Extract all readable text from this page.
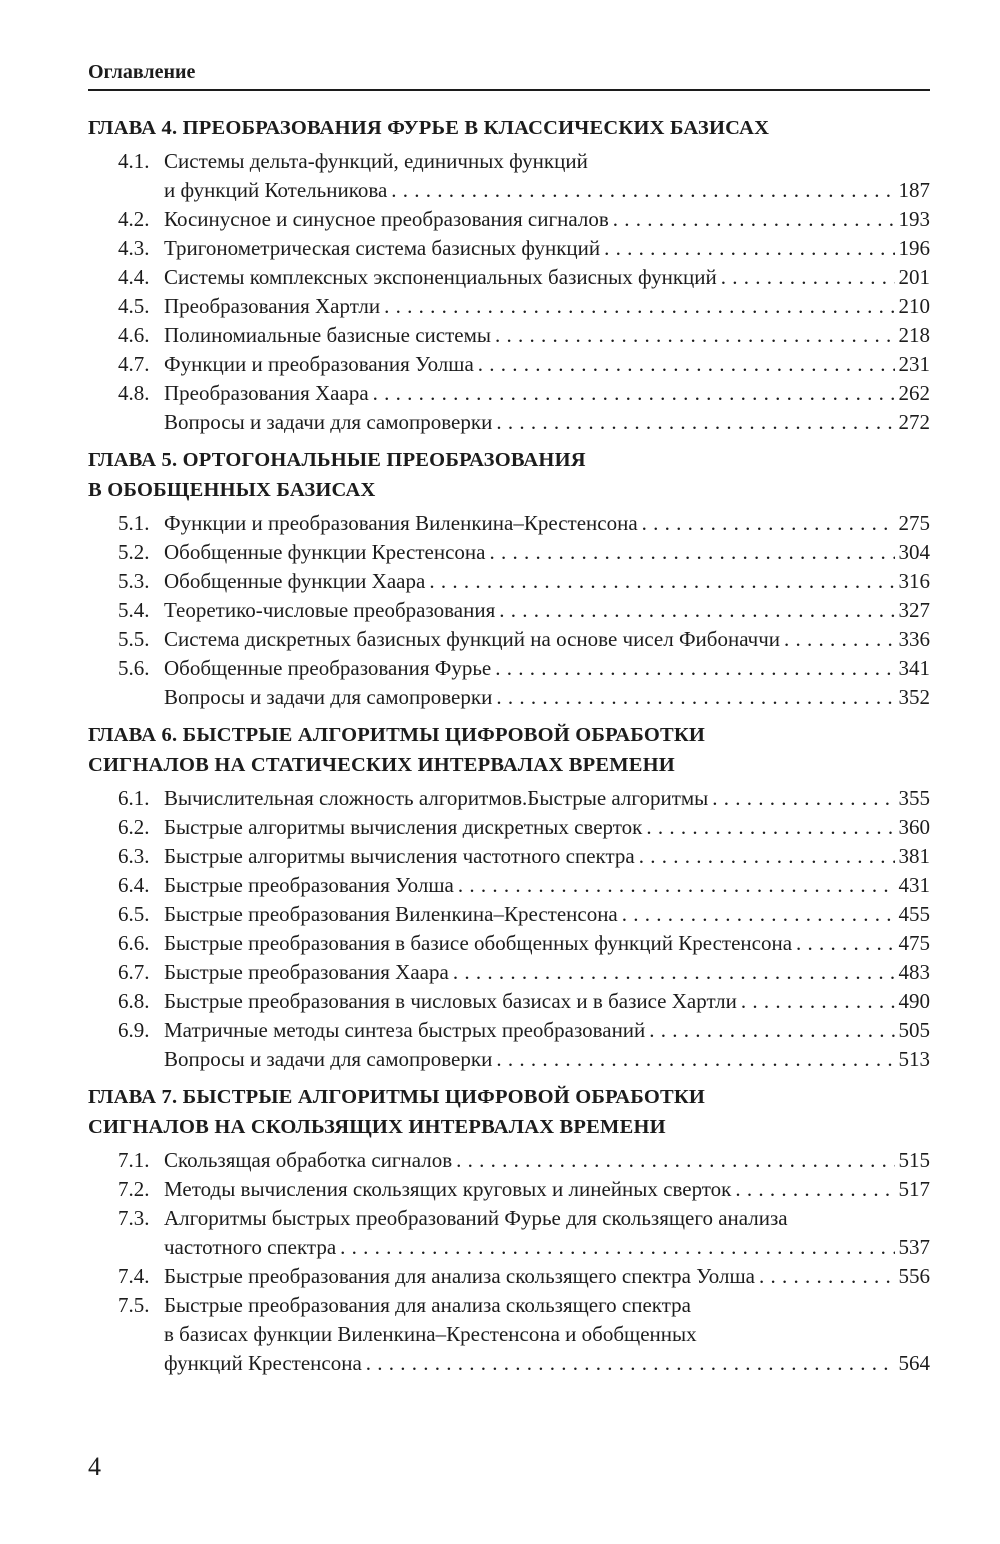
Оглавление
ГЛАВА 4. ПРЕОБРАЗОВАНИЯ ФУРЬЕ В КЛАССИЧЕСКИХ БАЗИСАХ
4.1. Системы дельта-функций, единичных функций
и функций Котельникова . . .	187
4.2. Косинусное и синусное преобразования сигналов . . .	193
4.3. Тригонометрическая система базисных функций . . .	196
4.4. Системы комплексных экспоненциальных базисных функций . . .	201
4.5. Преобразования Хартли . . .	210
4.6. Полиномиальные базисные системы . . .	218
4.7. Функции и преобразования Уолша . . .	231
4.8. Преобразования Хаара . . .	262
Вопросы и задачи для самопроверки . . .	272
ГЛАВА 5. ОРТОГОНАЛЬНЫЕ ПРЕОБРАЗОВАНИЯ
В ОБОБЩЕННЫХ БАЗИСАХ
5.1. Функции и преобразования Виленкина–Крестенсона . . .	275
5.2. Обобщенные функции Крестенсона . . .	304
5.3. Обобщенные функции Хаара . . .	316
5.4. Теоретико-числовые преобразования . . .	327
5.5. Система дискретных базисных функций на основе чисел Фибоначчи . . .	336
5.6. Обобщенные преобразования Фурье . . .	341
Вопросы и задачи для самопроверки . . .	352
ГЛАВА 6. БЫСТРЫЕ АЛГОРИТМЫ ЦИФРОВОЙ ОБРАБОТКИ
СИГНАЛОВ НА СТАТИЧЕСКИХ ИНТЕРВАЛАХ ВРЕМЕНИ
6.1. Вычислительная сложность алгоритмов.Быстрые алгоритмы . . .	355
6.2. Быстрые алгоритмы вычисления дискретных сверток . . .	360
6.3. Быстрые алгоритмы вычисления частотного спектра . . .	381
6.4. Быстрые преобразования Уолша . . .	431
6.5. Быстрые преобразования Виленкина–Крестенсона . . .	455
6.6. Быстрые преобразования в базисе обобщенных функций Крестенсона . . .	475
6.7. Быстрые преобразования Хаара . . .	483
6.8. Быстрые преобразования в числовых базисах и в базисе Хартли . . .	490
6.9. Матричные методы синтеза быстрых преобразований . . .	505
Вопросы и задачи для самопроверки . . .	513
ГЛАВА 7. БЫСТРЫЕ АЛГОРИТМЫ ЦИФРОВОЙ ОБРАБОТКИ
СИГНАЛОВ НА СКОЛЬЗЯЩИХ ИНТЕРВАЛАХ ВРЕМЕНИ
7.1. Скользящая обработка сигналов . . .	515
7.2. Методы вычисления скользящих круговых и линейных сверток . . .	517
7.3. Алгоритмы быстрых преобразований Фурье для скользящего анализа
частотного спектра . . .	537
7.4. Быстрые преобразования для анализа скользящего спектра Уолша . . .	556
7.5. Быстрые преобразования для анализа скользящего спектра
в базисах функции Виленкина–Крестенсона и обобщенных
функций Крестенсона . . .	564
4
